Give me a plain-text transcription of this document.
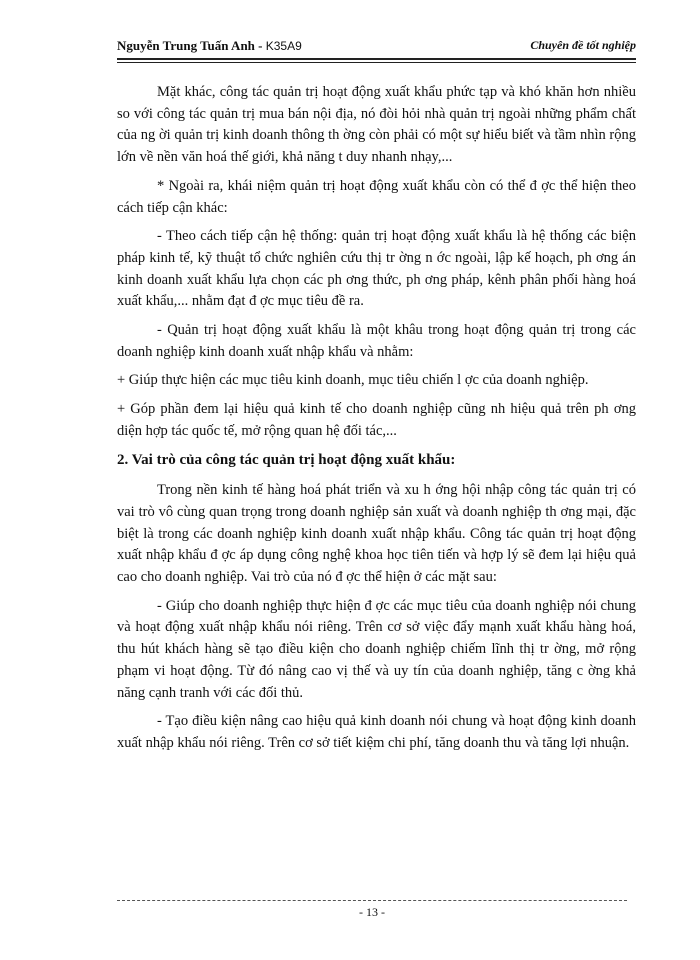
Nguyễn Trung Tuấn Anh - K35A9	Chuyên đề tốt nghiệp

Mặt khác, công tác quản trị hoạt động xuất khẩu phức tạp và khó khăn hơn nhiều so với công tác quản trị mua bán nội địa, nó đòi hỏi nhà quản trị ngoài những phẩm chất của ng ời quản trị kinh doanh thông th ờng còn phải có một sự hiểu biết và tầm nhìn rộng lớn về nền văn hoá thế giới, khả năng t duy nhanh nhạy,...

* Ngoài ra, khái niệm quản trị hoạt động xuất khẩu còn có thể đ ợc thể hiện theo cách tiếp cận khác:

- Theo cách tiếp cận hệ thống: quản trị hoạt động xuất khẩu là hệ thống các biện pháp kinh tế, kỹ thuật tổ chức nghiên cứu thị tr ờng n ớc ngoài, lập kế hoạch, ph ơng án kinh doanh xuất khẩu lựa chọn các ph ơng thức, ph ơng pháp, kênh phân phối hàng hoá xuất khẩu,... nhằm đạt đ ợc mục tiêu đề ra.

- Quản trị hoạt động xuất khẩu là một khâu trong hoạt động quản trị trong các doanh nghiệp kinh doanh xuất nhập khẩu và nhằm:

+ Giúp thực hiện các mục tiêu kinh doanh, mục tiêu chiến l ợc của doanh nghiệp.

+ Góp phần đem lại hiệu quả kinh tế cho doanh nghiệp cũng nh hiệu quả trên ph ơng diện hợp tác quốc tế, mở rộng quan hệ đối tác,...

2. Vai trò của công tác quản trị hoạt động xuất khẩu:

Trong nền kinh tế hàng hoá phát triển và xu h ớng hội nhập công tác quản trị có vai trò vô cùng quan trọng trong doanh nghiệp sản xuất và doanh nghiệp th ơng mại, đặc biệt là trong các doanh nghiệp kinh doanh xuất nhập khẩu. Công tác quản trị hoạt động xuất nhập khẩu đ ợc áp dụng công nghệ khoa học tiên tiến và hợp lý sẽ đem lại hiệu quả cao cho doanh nghiệp. Vai trò của nó đ ợc thể hiện ở các mặt sau:

- Giúp cho doanh nghiệp thực hiện đ ợc các mục tiêu của doanh nghiệp nói chung và hoạt động xuất nhập khẩu nói riêng. Trên cơ sở việc đẩy mạnh xuất khẩu hàng hoá, thu hút khách hàng sẽ tạo điều kiện cho doanh nghiệp chiếm lĩnh thị tr ờng, mở rộng phạm vi hoạt động. Từ đó nâng cao vị thế và uy tín của doanh nghiệp, tăng c ờng khả năng cạnh tranh với các đối thủ.

- Tạo điều kiện nâng cao hiệu quả kinh doanh nói chung và hoạt động kinh doanh xuất nhập khẩu nói riêng. Trên cơ sở tiết kiệm chi phí, tăng doanh thu và tăng lợi nhuận.

- 13 -
